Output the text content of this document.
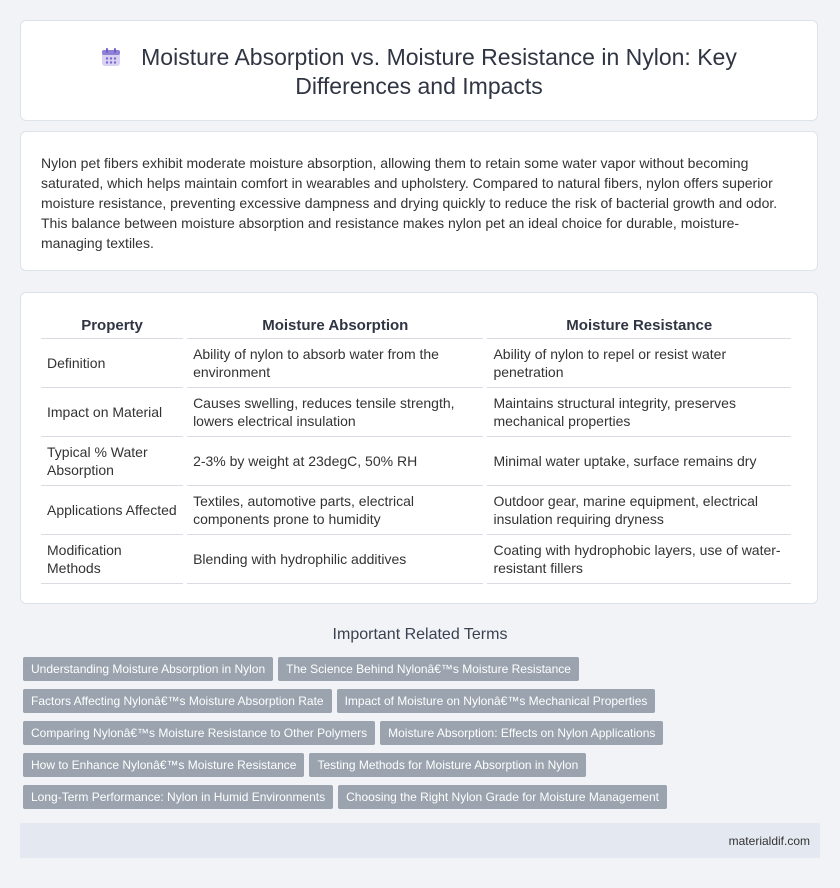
Moisture Absorption vs. Moisture Resistance in Nylon: Key Differences and Impacts

Nylon pet fibers exhibit moderate moisture absorption, allowing them to retain some water vapor without becoming saturated, which helps maintain comfort in wearables and upholstery. Compared to natural fibers, nylon offers superior moisture resistance, preventing excessive dampness and drying quickly to reduce the risk of bacterial growth and odor. This balance between moisture absorption and resistance makes nylon pet an ideal choice for durable, moisture-managing textiles.

Property	Moisture Absorption	Moisture Resistance
Definition	Ability of nylon to absorb water from the environment	Ability of nylon to repel or resist water penetration
Impact on Material	Causes swelling, reduces tensile strength, lowers electrical insulation	Maintains structural integrity, preserves mechanical properties
Typical % Water Absorption	2-3% by weight at 23degC, 50% RH	Minimal water uptake, surface remains dry
Applications Affected	Textiles, automotive parts, electrical components prone to humidity	Outdoor gear, marine equipment, electrical insulation requiring dryness
Modification Methods	Blending with hydrophilic additives	Coating with hydrophobic layers, use of water-resistant fillers
Important Related Terms
Understanding Moisture Absorption in Nylon The Science Behind Nylonâ€™s Moisture Resistance
Factors Affecting Nylonâ€™s Moisture Absorption Rate Impact of Moisture on Nylonâ€™s Mechanical Properties
Comparing Nylonâ€™s Moisture Resistance to Other Polymers Moisture Absorption: Effects on Nylon Applications
How to Enhance Nylonâ€™s Moisture Resistance Testing Methods for Moisture Absorption in Nylon
Long-Term Performance: Nylon in Humid Environments Choosing the Right Nylon Grade for Moisture Management
materialdif.com
